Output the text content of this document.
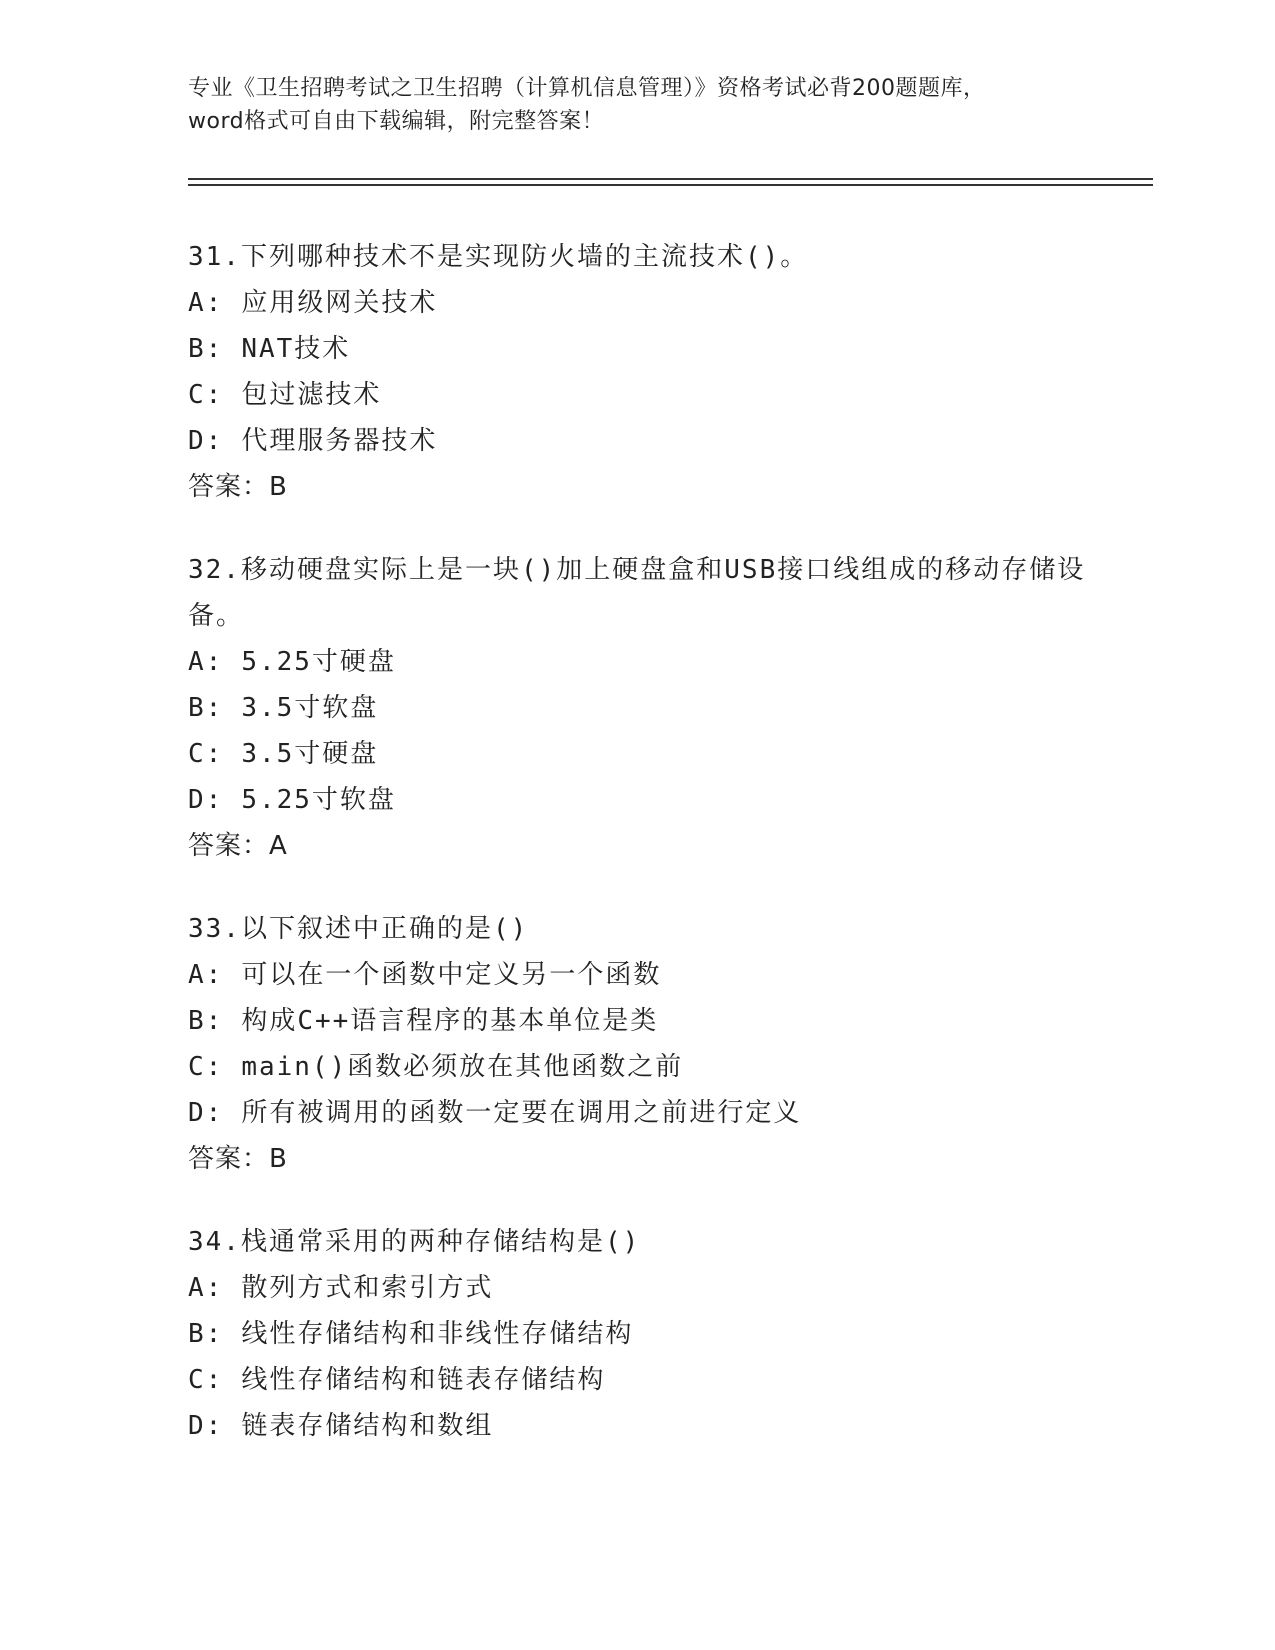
专业《卫生招聘考试之卫生招聘（计算机信息管理）》资格考试必背200题题库，
word格式可自由下载编辑，附完整答案！

31.下列哪种技术不是实现防火墙的主流技术()。

A: 应用级网关技术
B: NAT技术
C: 包过滤技术
D: 代理服务器技术
答案：B

32.移动硬盘实际上是一块()加上硬盘盒和USB接口线组成的移动存储设备。

A: 5.25寸硬盘
B: 3.5寸软盘
C: 3.5寸硬盘
D: 5.25寸软盘
答案：A

33.以下叙述中正确的是()

A: 可以在一个函数中定义另一个函数
B: 构成C++语言程序的基本单位是类
C: main()函数必须放在其他函数之前
D: 所有被调用的函数一定要在调用之前进行定义
答案：B

34.栈通常采用的两种存储结构是()

A: 散列方式和索引方式
B: 线性存储结构和非线性存储结构
C: 线性存储结构和链表存储结构
D: 链表存储结构和数组
